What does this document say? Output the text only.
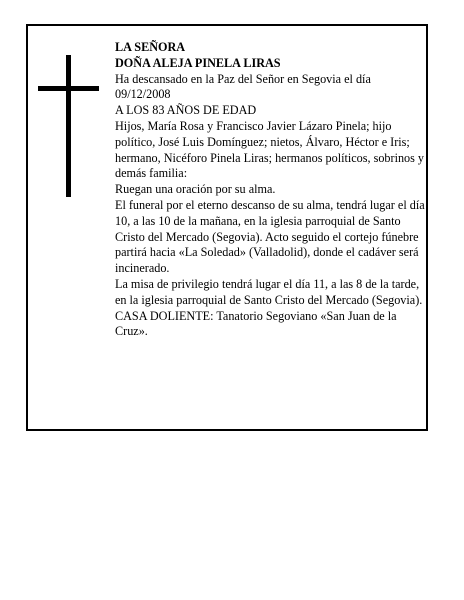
LA SEÑORA

DOÑA ALEJA PINELA LIRAS

Ha descansado en la Paz del Señor en Segovia el día 09/12/2008

A LOS 83 AÑOS DE EDAD

Hijos, María Rosa y Francisco Javier Lázaro Pinela; hijo político, José Luis Domínguez; nietos, Álvaro, Héctor e Iris; hermano, Nicéforo Pinela Liras; hermanos políticos, sobrinos y demás familia:

Ruegan una oración por su alma.

El funeral por el eterno descanso de su alma, tendrá lugar el día 10, a las 10 de la mañana, en la iglesia parroquial de Santo Cristo del Mercado (Segovia). Acto seguido el cortejo fúnebre partirá hacia «La Soledad» (Valladolid), donde el cadáver será incinerado.

La misa de privilegio tendrá lugar el día 11, a las 8 de la tarde, en la iglesia parroquial de Santo Cristo del Mercado (Segovia).

CASA DOLIENTE: Tanatorio Segoviano «San Juan de la Cruz».
